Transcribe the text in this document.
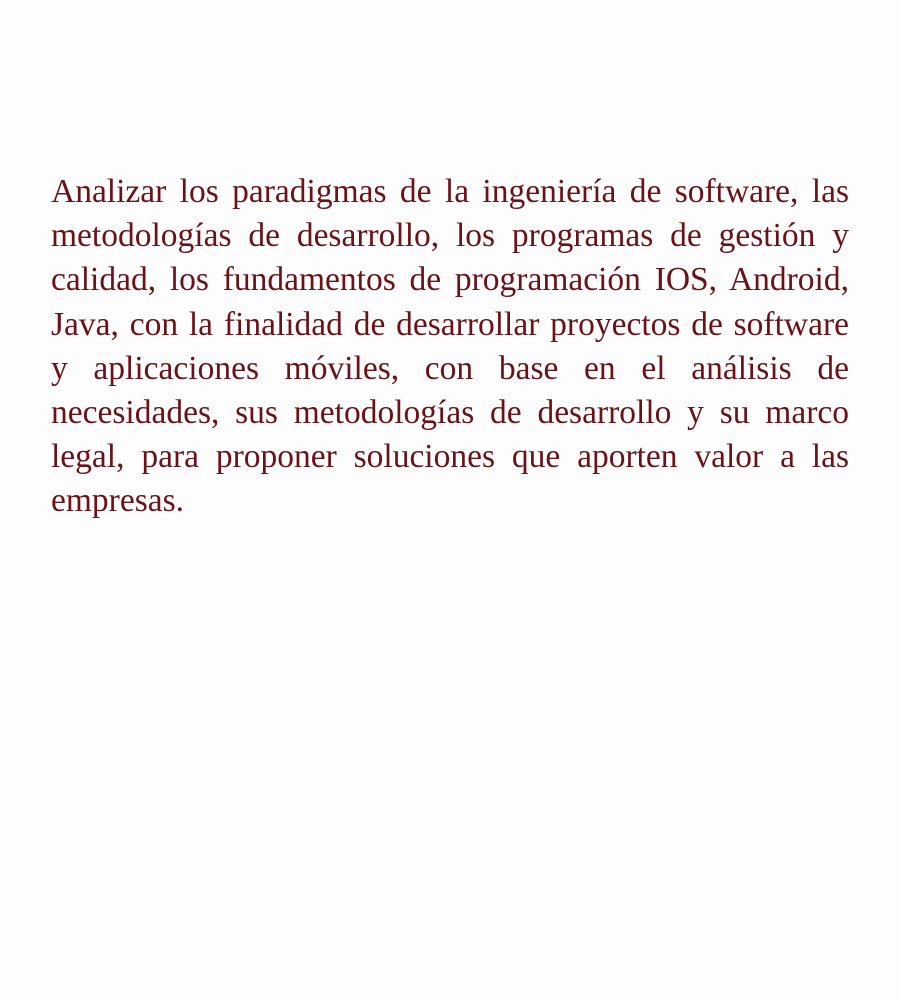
Analizar los paradigmas de la ingeniería de software, las metodologías de desarrollo, los programas de gestión y calidad, los fundamentos de programación IOS, Android, Java, con la finalidad de desarrollar proyectos de software y aplicaciones móviles, con base en el análisis de necesidades, sus metodologías de desarrollo y su marco legal, para proponer soluciones que aporten valor a las empresas.
